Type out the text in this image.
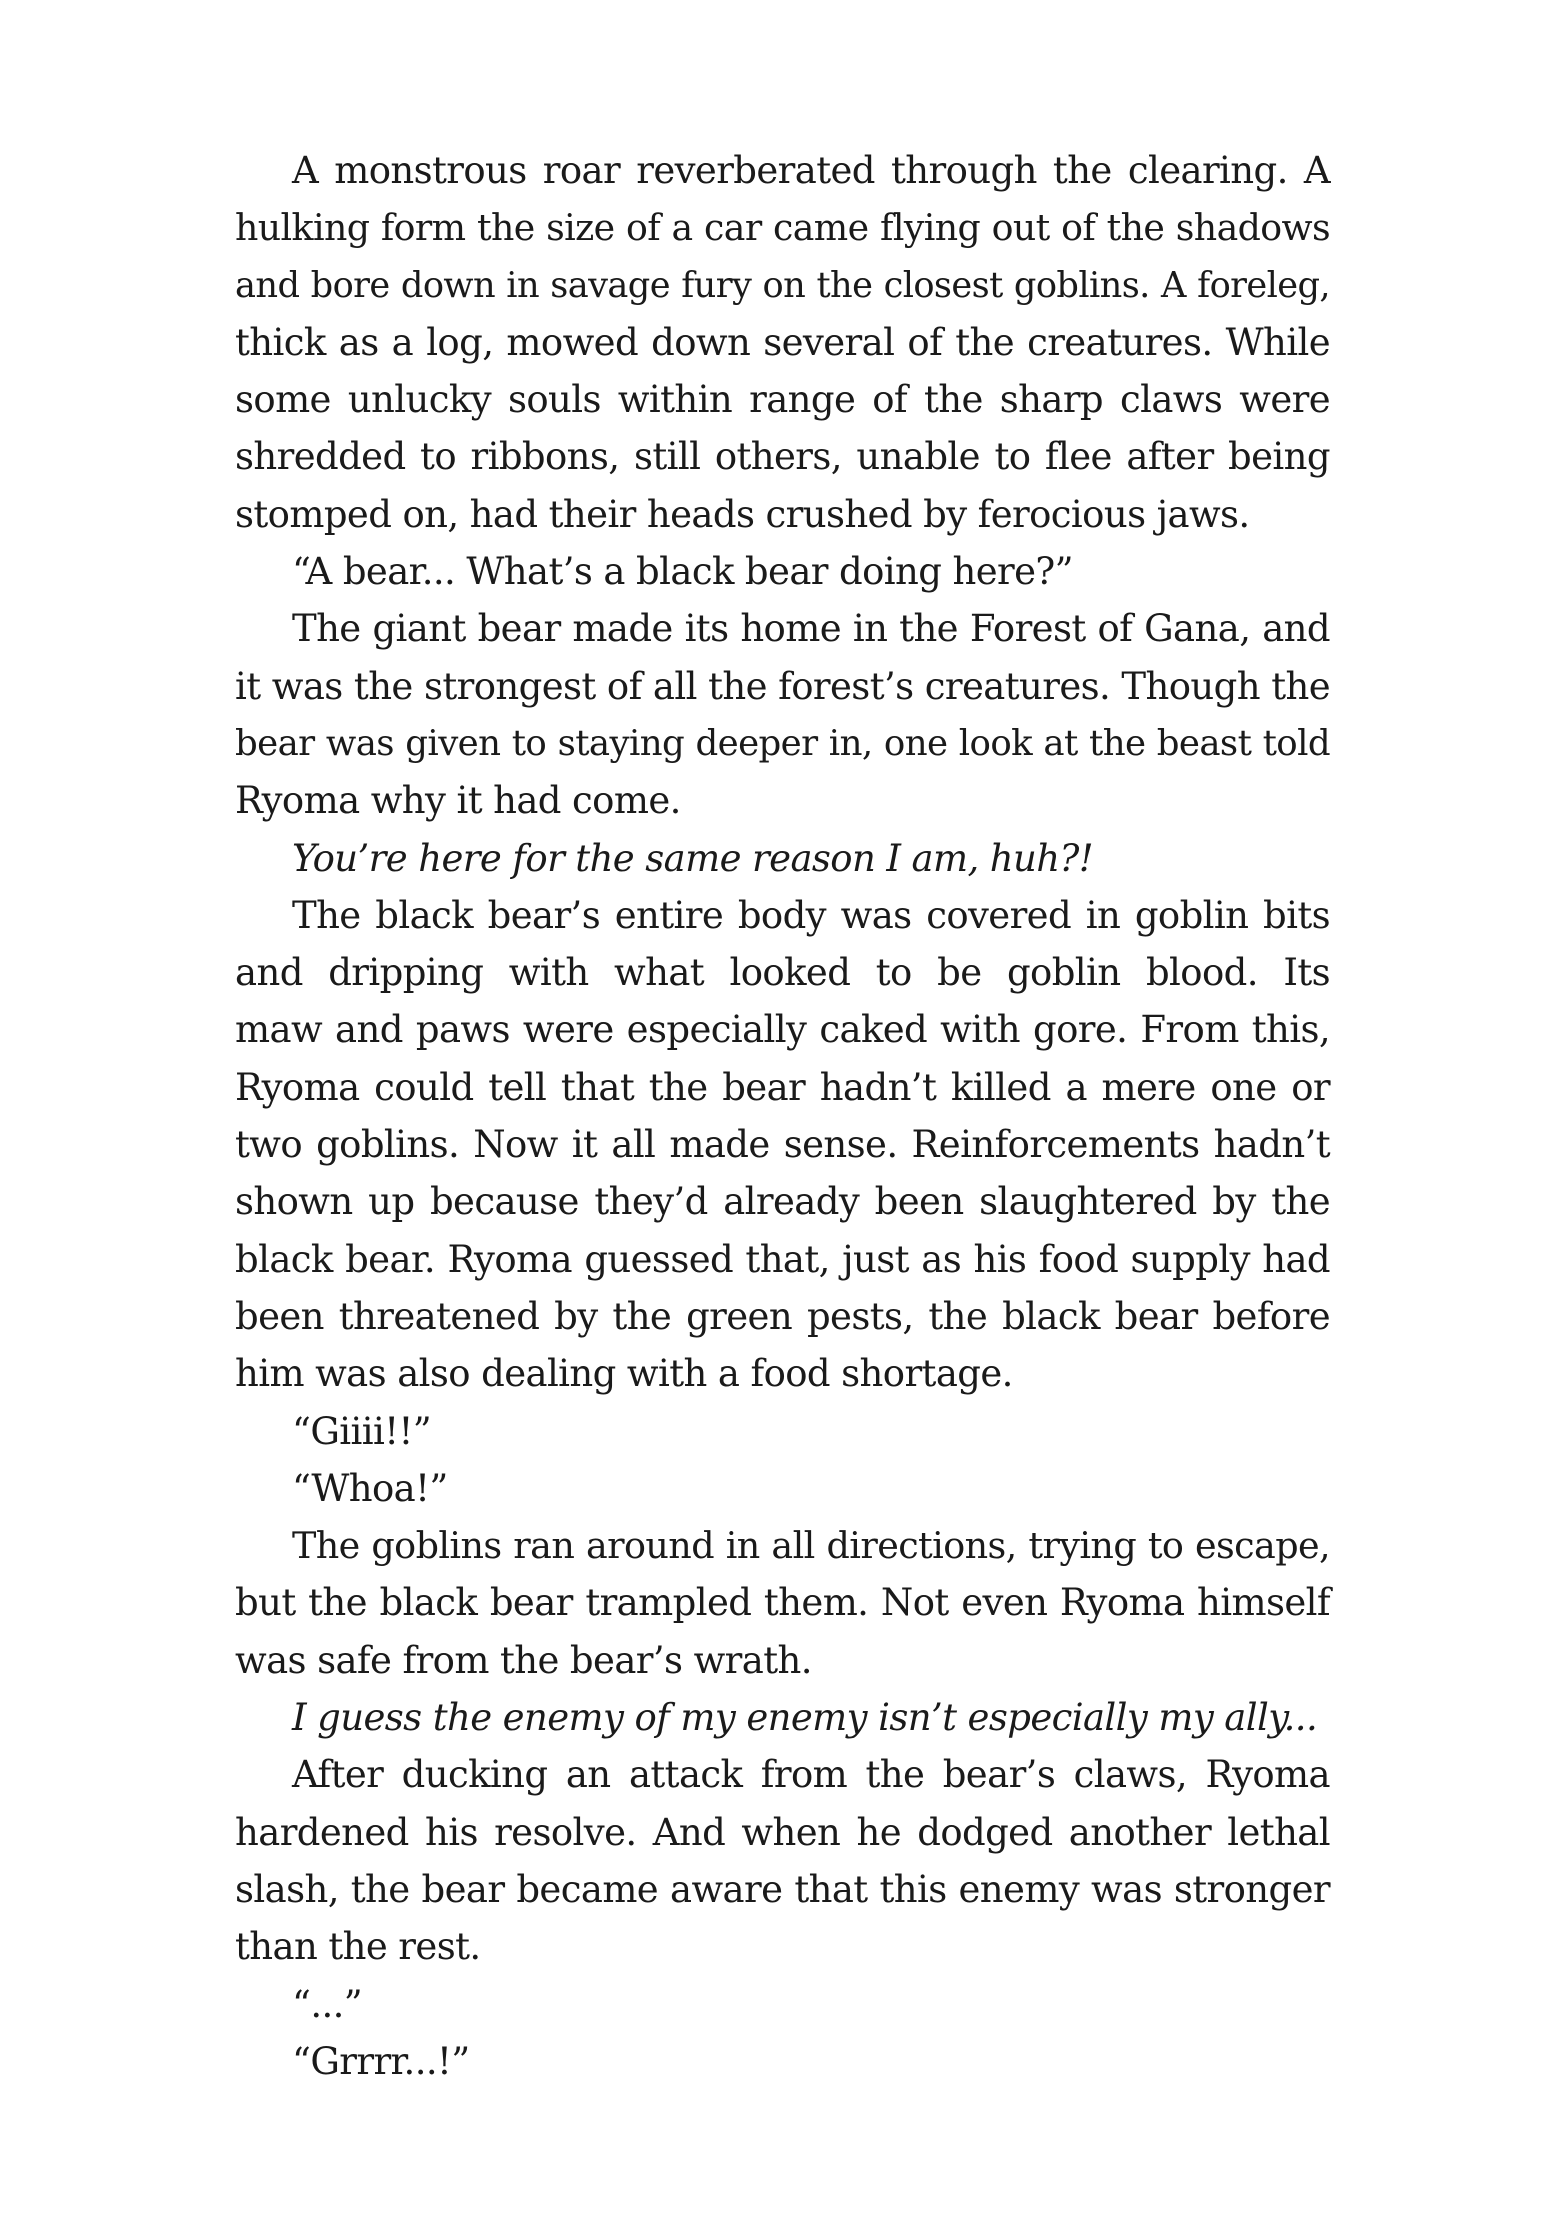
A monstrous roar reverberated through the clearing. A
hulking form the size of a car came flying out of the shadows
and bore down in savage fury on the closest goblins. A foreleg,
thick as a log, mowed down several of the creatures. While
some unlucky souls within range of the sharp claws were
shredded to ribbons, still others, unable to flee after being
stomped on, had their heads crushed by ferocious jaws.
“A bear... What’s a black bear doing here?”
The giant bear made its home in the Forest of Gana, and
it was the strongest of all the forest’s creatures. Though the
bear was given to staying deeper in, one look at the beast told
Ryoma why it had come.
You’re here for the same reason I am, huh?!
The black bear’s entire body was covered in goblin bits
and dripping with what looked to be goblin blood. Its
maw and paws were especially caked with gore. From this,
Ryoma could tell that the bear hadn’t killed a mere one or
two goblins. Now it all made sense. Reinforcements hadn’t
shown up because they’d already been slaughtered by the
black bear. Ryoma guessed that, just as his food supply had
been threatened by the green pests, the black bear before
him was also dealing with a food shortage.
“Giiii!!”
“Whoa!”
The goblins ran around in all directions, trying to escape,
but the black bear trampled them. Not even Ryoma himself
was safe from the bear’s wrath.
I guess the enemy of my enemy isn’t especially my ally...
After ducking an attack from the bear’s claws, Ryoma
hardened his resolve. And when he dodged another lethal
slash, the bear became aware that this enemy was stronger
than the rest.
“...”
“Grrrr...!”
